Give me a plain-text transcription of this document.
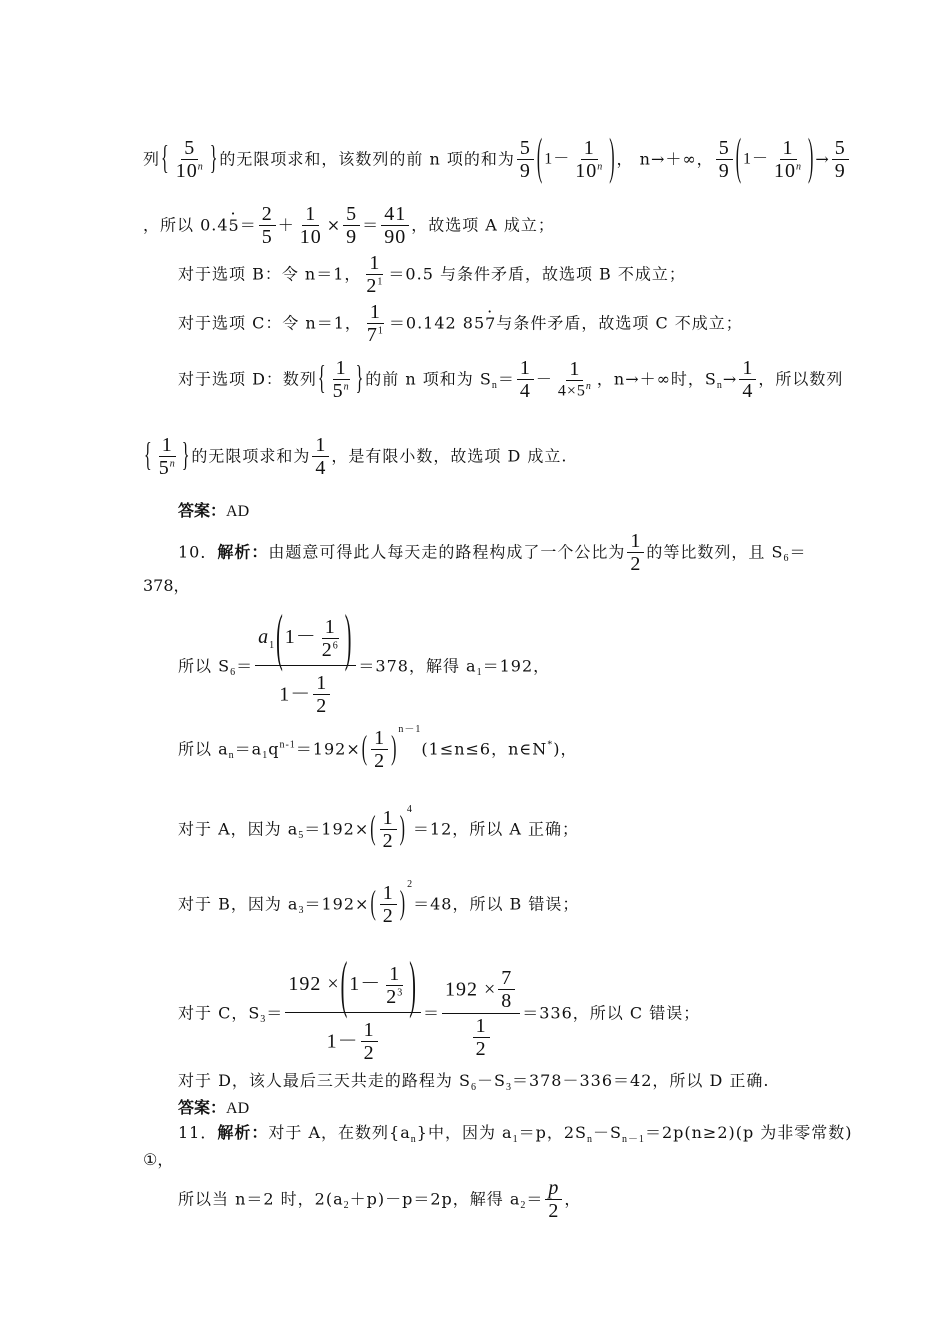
列{ $\frac{5}{10^n}$ }的无限项求和，该数列的前 n 项的和为 $\frac{5}{9} (1- \frac{1}{10^n}$ )， n→＋∞， $\frac{5}{9} (1- \frac{1}{10^n}$ )→ $\frac{5}{9}$
，所以 $0.45 \cdot= \frac{2}{5} + \frac{1}{10} \times \frac{5}{9} = \frac{41}{90}$ ，故选项 A 成立；
对于选项 B：令 n＝1， $\frac{1}{2^1} =0.5$ 与条件矛盾，故选项 B 不成立；
对于选项 C：令 n＝1， $\frac{1}{7^1} =0.142$ 857 ·与条件矛盾，故选项 C 不成立；
对于选项 D：数列{ $\frac{1}{5^n}$ }的前 n 项和为 $S_n= \frac{1}{4} - \frac{1}{4\times 5^n}$ ，n→＋∞时，$S_n\to \frac{1}{4}$ ，所以数列
{ $\frac{1}{5^n}$ }的无限项求和为 $\frac{1}{4}$ ，是有限小数，故选项 D 成立.
答案：AD
10．解析：由题意可得此人每天走的路程构成了一个公比为 $\frac{1}{2}$ 的等比数列，且 $S_6=$
378，
所以 $S_6= \frac{a_1(1- \frac{1}{2^6} )}{1- \frac{1}{2}} =378$，解得 $a_1=192$，
所以 $a_n=a_1q^{n-1}=192\times( \frac{1}{2} )^{n-1}(1\le n\le 6$，n∈N*)，
对于 A，因为 $a_5=192\times( \frac{1}{2} )^4=12$，所以 A 正确；
对于 B，因为 $a_3=192\times( \frac{1}{2} )^2=48$，所以 B 错误；
对于 C，$S_3= \frac{192 \times(1- \frac{1}{2^3} )}{1- \frac{1}{2}} = \frac{192 \times \frac{7}{8}}{\frac{1}{2}} =336$，所以 C 错误；
对于 D，该人最后三天共走的路程为 $S_6-S_3=378-336=42$，所以 D 正确.
答案：AD
11．解析：对于 A，在数列$\{a_n\}$中，因为 $a_1=p$，$2S_n-S_{n-1}=2p(n\ge 2)(p$ 为非零常数)
①，
所以当 n＝2 时，$2(a_2+p)-p=2p$，解得 $a_2= \frac{p}{2}$ ，
